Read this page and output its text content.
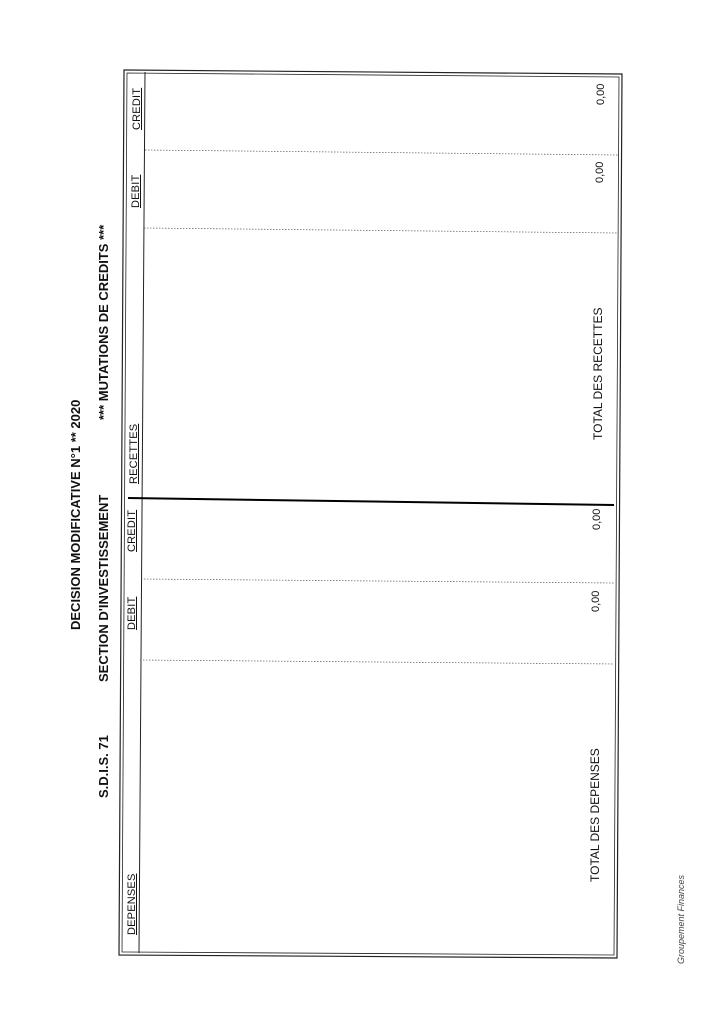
DECISION MODIFICATIVE N°1 ** 2020
S.D.I.S. 71
SECTION D'INVESTISSEMENT
*** MUTATIONS DE CREDITS ***
DEPENSES
DEBIT
CREDIT
RECETTES
DEBIT
CREDIT
TOTAL DES DEPENSES
0,00
0,00
TOTAL DES RECETTES
0,00
0,00
Groupement Finances
